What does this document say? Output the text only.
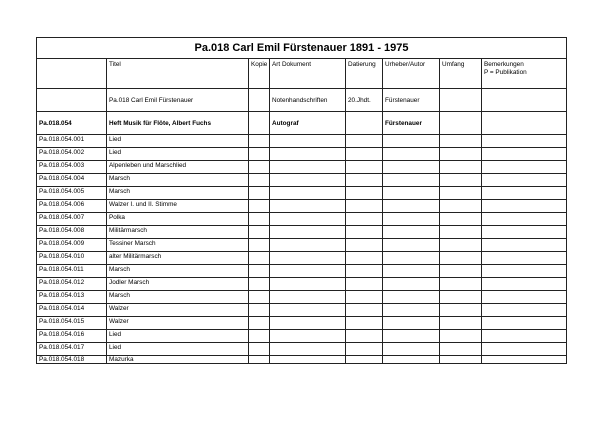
Pa.018 Carl Emil Fürstenauer 1891 - 1975							
	Titel	Kopie	Art Dokument	Datierung	Urheber/Autor	Umfang	Bemerkungen
P = Publikation

	Pa.018 Carl Emil Fürstenauer		Notenhandschriften	20.Jhdt.	Fürstenauer		
Pa.018.054	Heft Musik für Flöte, Albert Fuchs		Autograf		Fürstenauer		
Pa.018.054.001	Lied						
Pa.018.054.002	Lied						
Pa.018.054.003	Alpenleben und Marschlied						
Pa.018.054.004	Marsch						
Pa.018.054.005	Marsch						
Pa.018.054.006	Walzer I. und II. Stimme						
Pa.018.054.007	Polka						
Pa.018.054.008	Militärmarsch						
Pa.018.054.009	Tessiner Marsch						
Pa.018.054.010	alter Militärmarsch						
Pa.018.054.011	Marsch						
Pa.018.054.012	Jodler Marsch						
Pa.018.054.013	Marsch						
Pa.018.054.014	Walzer						
Pa.018.054.015	Walzer						
Pa.018.054.016	Lied						
Pa.018.054.017	Lied						
Pa.018.054.018	Mazurka						
